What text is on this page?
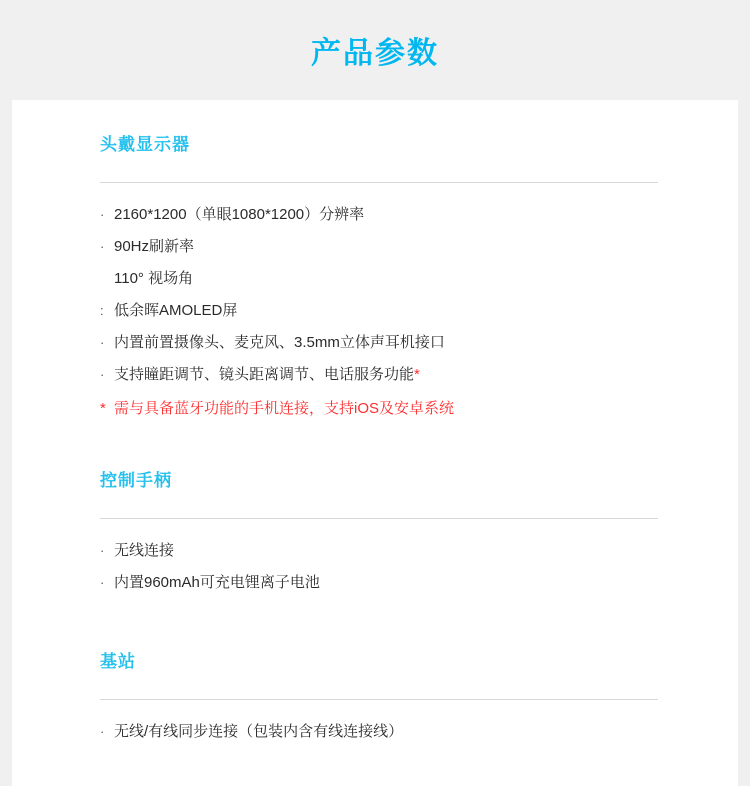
产品参数
头戴显示器
· 2160*1200（单眼1080*1200）分辨率
· 90Hz刷新率
110° 视场角
: 低余晖AMOLED屏
· 内置前置摄像头、麦克风、3.5mm立体声耳机接口
· 支持瞳距调节、镜头距离调节、电话服务功能*
* 需与具备蓝牙功能的手机连接，支持iOS及安卓系统
控制手柄
· 无线连接
· 内置960mAh可充电锂离子电池
基站
· 无线/有线同步连接（包装内含有线连接线）
